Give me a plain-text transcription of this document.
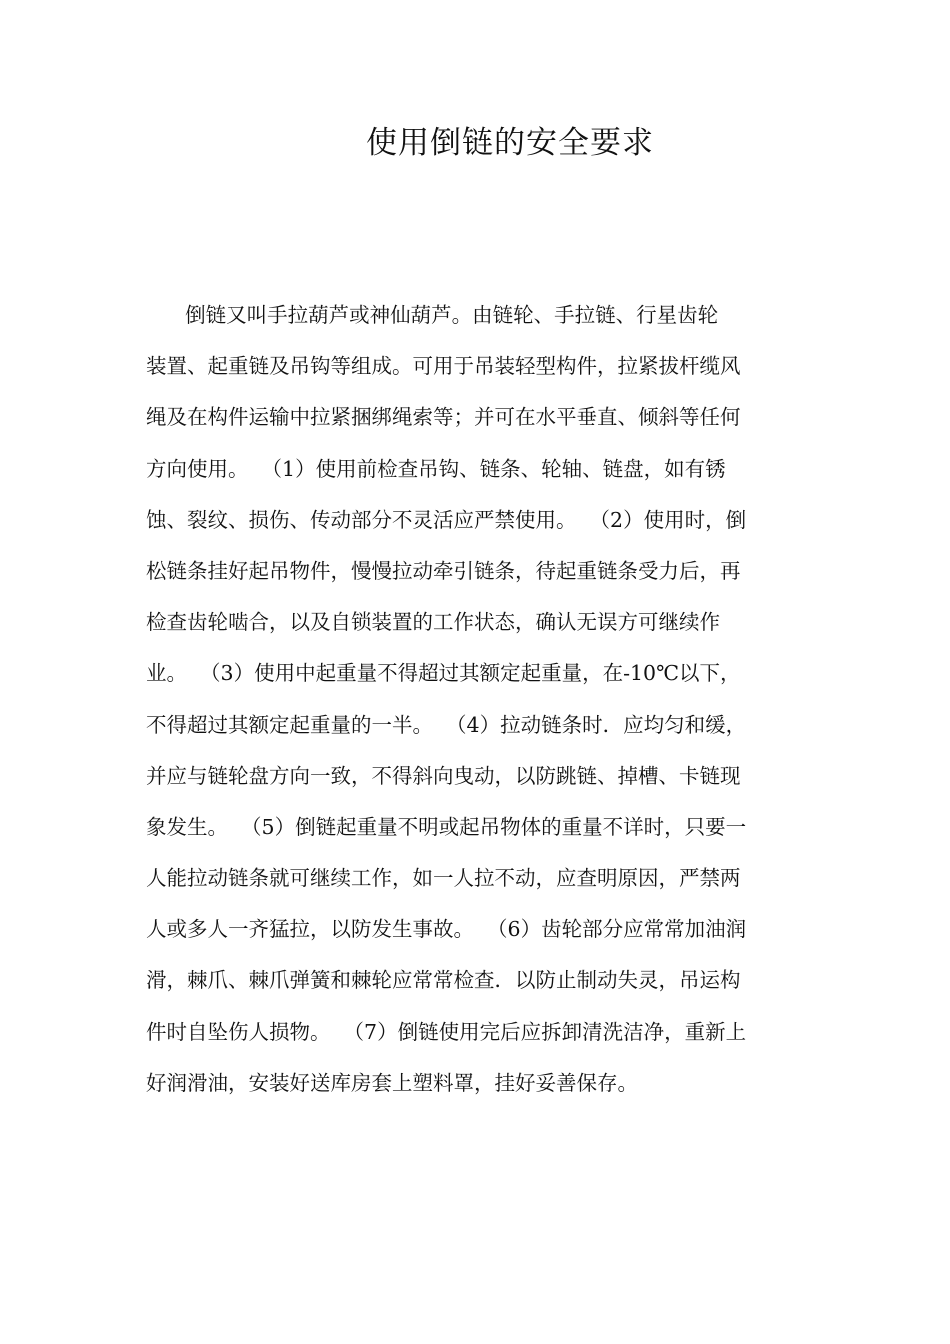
使用倒链的安全要求

倒链又叫手拉葫芦或神仙葫芦。由链轮、手拉链、行星齿轮

装置、起重链及吊钩等组成。可用于吊装轻型构件，拉紧拔杆缆风

绳及在构件运输中拉紧捆绑绳索等；并可在水平垂直、倾斜等任何

方向使用。  （1）使用前检查吊钩、链条、轮轴、链盘，如有锈

蚀、裂纹、损伤、传动部分不灵活应严禁使用。  （2）使用时，倒

松链条挂好起吊物件，慢慢拉动牵引链条，待起重链条受力后，再

检查齿轮啮合，以及自锁装置的工作状态，确认无误方可继续作

业。  （3）使用中起重量不得超过其额定起重量，在-10℃以下，

不得超过其额定起重量的一半。  （4）拉动链条时．应均匀和缓，

并应与链轮盘方向一致，不得斜向曳动，以防跳链、掉槽、卡链现

象发生。  （5）倒链起重量不明或起吊物体的重量不详时，只要一

人能拉动链条就可继续工作，如一人拉不动，应查明原因，严禁两

人或多人一齐猛拉，以防发生事故。  （6）齿轮部分应常常加油润

滑，棘爪、棘爪弹簧和棘轮应常常检查．以防止制动失灵，吊运构

件时自坠伤人损物。  （7）倒链使用完后应拆卸清洗洁净，重新上

好润滑油，安装好送库房套上塑料罩，挂好妥善保存。
